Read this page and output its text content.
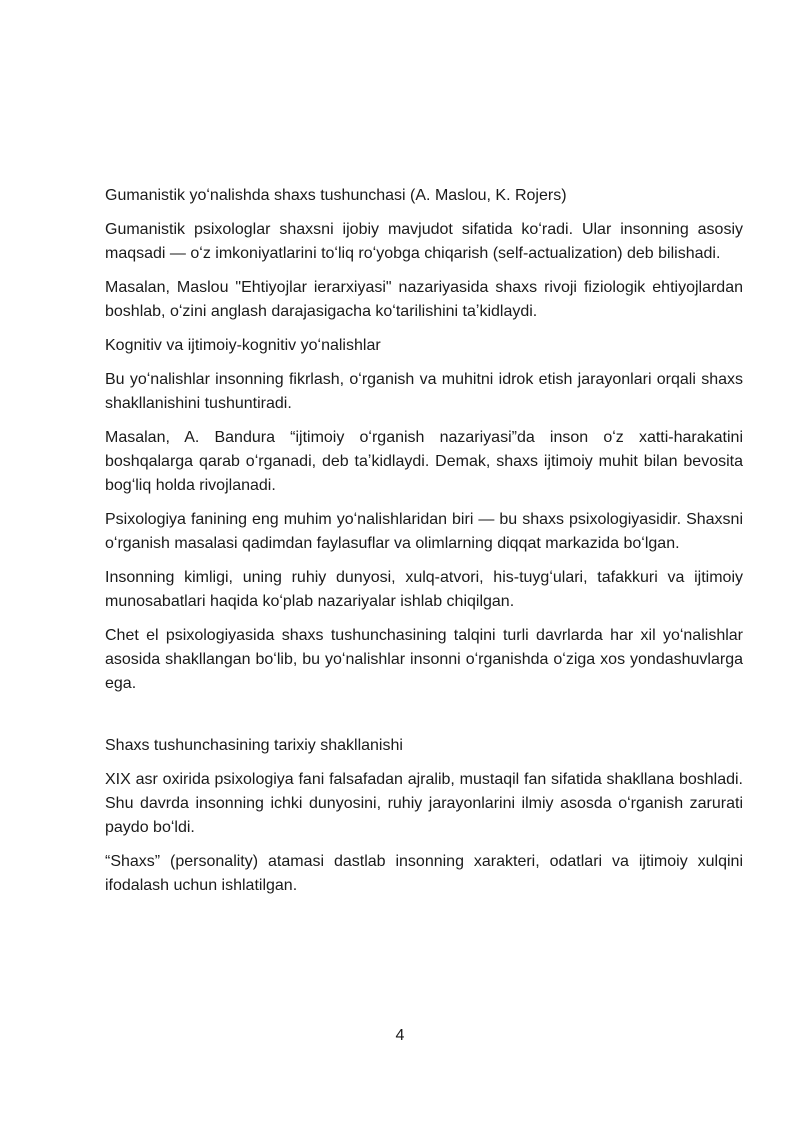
Gumanistik yoʻnalishda shaxs tushunchasi (A. Maslou, K. Rojers)

Gumanistik psixologlar shaxsni ijobiy mavjudot sifatida koʻradi. Ular insonning asosiy maqsadi — oʻz imkoniyatlarini toʻliq roʻyobga chiqarish (self-actualization) deb bilishadi.

Masalan, Maslou "Ehtiyojlar ierarxiyasi" nazariyasida shaxs rivoji fiziologik ehtiyojlardan boshlab, oʻzini anglash darajasigacha koʻtarilishini taʼkidlaydi.

Kognitiv va ijtimoiy-kognitiv yoʻnalishlar

Bu yoʻnalishlar insonning fikrlash, oʻrganish va muhitni idrok etish jarayonlari orqali shaxs shakllanishini tushuntiradi.

Masalan, A. Bandura “ijtimoiy oʻrganish nazariyasi”da inson oʻz xatti-harakatini boshqalarga qarab oʻrganadi, deb taʼkidlaydi. Demak, shaxs ijtimoiy muhit bilan bevosita bogʻliq holda rivojlanadi.

Psixologiya fanining eng muhim yoʻnalishlaridan biri — bu shaxs psixologiyasidir. Shaxsni oʻrganish masalasi qadimdan faylasuflar va olimlarning diqqat markazida boʻlgan.

Insonning kimligi, uning ruhiy dunyosi, xulq-atvori, his-tuygʻulari, tafakkuri va ijtimoiy munosabatlari haqida koʻplab nazariyalar ishlab chiqilgan.

Chet el psixologiyasida shaxs tushunchasining talqini turli davrlarda har xil yoʻnalishlar asosida shakllangan boʻlib, bu yoʻnalishlar insonni oʻrganishda oʻziga xos yondashuvlarga ega.

Shaxs tushunchasining tarixiy shakllanishi

XIX asr oxirida psixologiya fani falsafadan ajralib, mustaqil fan sifatida shakllana boshladi. Shu davrda insonning ichki dunyosini, ruhiy jarayonlarini ilmiy asosda oʻrganish zarurati paydo boʻldi.

“Shaxs” (personality) atamasi dastlab insonning xarakteri, odatlari va ijtimoiy xulqini ifodalash uchun ishlatilgan.

4
